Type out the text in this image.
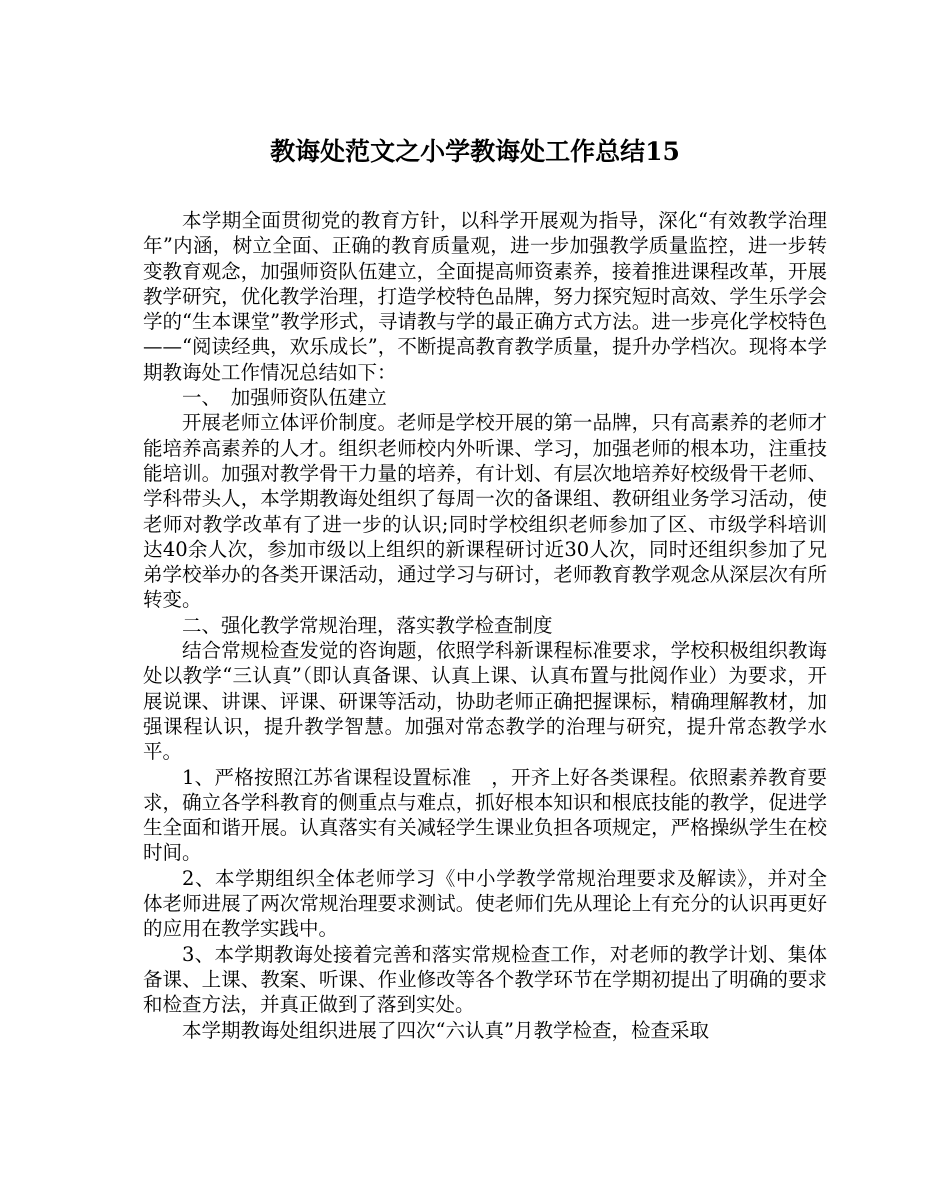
教诲处范文之小学教诲处工作总结15

本学期全面贯彻党的教育方针，以科学开展观为指导，深化“有效教学治理年”内涵，树立全面、正确的教育质量观，进一步加强教学质量监控，进一步转变教育观念，加强师资队伍建立，全面提高师资素养，接着推进课程改革，开展教学研究，优化教学治理，打造学校特色品牌，努力探究短时高效、学生乐学会学的“生本课堂”教学形式，寻请教与学的最正确方式方法。进一步亮化学校特色——“阅读经典，欢乐成长”，不断提高教育教学质量，提升办学档次。现将本学期教诲处工作情况总结如下：

一、　加强师资队伍建立

开展老师立体评价制度。老师是学校开展的第一品牌，只有高素养的老师才能培养高素养的人才。组织老师校内外听课、学习，加强老师的根本功，注重技能培训。加强对教学骨干力量的培养，有计划、有层次地培养好校级骨干老师、学科带头人，本学期教诲处组织了每周一次的备课组、教研组业务学习活动，使老师对教学改革有了进一步的认识;同时学校组织老师参加了区、市级学科培训达40余人次，参加市级以上组织的新课程研讨近30人次，同时还组织参加了兄弟学校举办的各类开课活动，通过学习与研讨，老师教育教学观念从深层次有所转变。

二、强化教学常规治理，落实教学检查制度

结合常规检查发觉的咨询题，依照学科新课程标准要求，学校积极组织教诲处以教学“三认真”（即认真备课、认真上课、认真布置与批阅作业）为要求，开展说课、讲课、评课、研课等活动，协助老师正确把握课标，精确理解教材，加强课程认识，提升教学智慧。加强对常态教学的治理与研究，提升常态教学水平。

1、严格按照江苏省课程设置标准　，开齐上好各类课程。依照素养教育要求，确立各学科教育的侧重点与难点，抓好根本知识和根底技能的教学，促进学生全面和谐开展。认真落实有关减轻学生课业负担各项规定，严格操纵学生在校时间。

2、本学期组织全体老师学习《中小学教学常规治理要求及解读》，并对全体老师进展了两次常规治理要求测试。使老师们先从理论上有充分的认识再更好的应用在教学实践中。

3、本学期教诲处接着完善和落实常规检查工作，对老师的教学计划、集体备课、上课、教案、听课、作业修改等各个教学环节在学期初提出了明确的要求和检查方法，并真正做到了落到实处。

本学期教诲处组织进展了四次“六认真”月教学检查，检查采取
